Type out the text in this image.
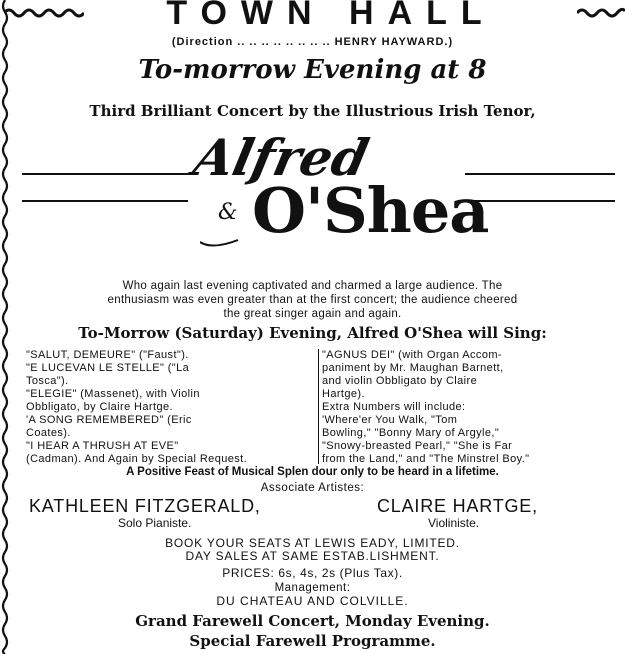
TOWN HALL
(Direction .. .. .. .. .. .. .. .. HENRY HAYWARD.)
To-morrow Evening at 8
Third Brilliant Concert by the Illustrious Irish Tenor,
Alfred
& O'Shea
Who again last evening captivated and charmed a large audience. The
enthusiasm was even greater than at the first concert; the audience cheered
the great singer again and again.
To-Morrow (Saturday) Evening, Alfred O'Shea will Sing:
"SALUT, DEMEURE" ("Faust").
"E LUCEVAN LE STELLE" ("La
Tosca").
"ELEGIE" (Massenet), with Violin
Obbligato, by Claire Hartge.
'A SONG REMEMBERED" (Eric
Coates).
"I HEAR A THRUSH AT EVE"
(Cadman). And Again by Special Request.
"AGNUS DEI" (with Organ Accom-
paniment by Mr. Maughan Barnett,
and violin Obbligato by Claire
Hartge).
Extra Numbers will include:
'Where'er You Walk, "Tom
Bowling," "Bonny Mary of Argyle,"
"Snowy-breasted Pearl," "She is Far
from the Land," and "The Minstrel Boy."
A Positive Feast of Musical Splen dour only to be heard in a lifetime.
Associate Artistes:
KATHLEEN FITZGERALD,
Solo Pianiste.
CLAIRE HARTGE,
Violiniste.
BOOK YOUR SEATS AT LEWIS EADY, LIMITED.
DAY SALES AT SAME ESTAB.LISHMENT.
PRICES: 6s, 4s, 2s (Plus Tax).
Management:
DU CHATEAU AND COLVILLE.
Grand Farewell Concert, Monday Evening.
Special Farewell Programme.
